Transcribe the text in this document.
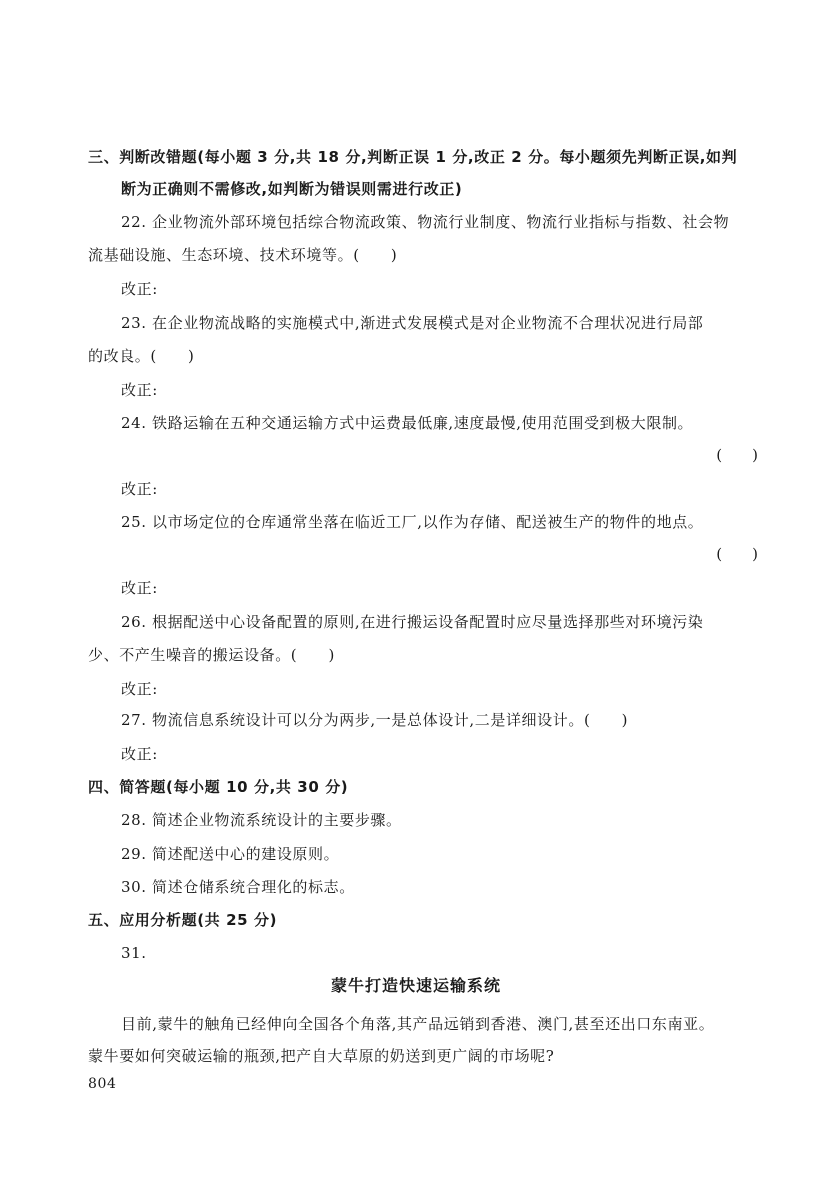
三、判断改错题(每小题 3 分,共 18 分,判断正误 1 分,改正 2 分。每小题须先判断正误,如判
断为正确则不需修改,如判断为错误则需进行改正)
22. 企业物流外部环境包括综合物流政策、物流行业制度、物流行业指标与指数、社会物
流基础设施、生态环境、技术环境等。(　　)
改正:
23. 在企业物流战略的实施模式中,渐进式发展模式是对企业物流不合理状况进行局部
的改良。(　　)
改正:
24. 铁路运输在五种交通运输方式中运费最低廉,速度最慢,使用范围受到极大限制。
(　　)
改正:
25. 以市场定位的仓库通常坐落在临近工厂,以作为存储、配送被生产的物件的地点。
(　　)
改正:
26. 根据配送中心设备配置的原则,在进行搬运设备配置时应尽量选择那些对环境污染
少、不产生噪音的搬运设备。(　　)
改正:
27. 物流信息系统设计可以分为两步,一是总体设计,二是详细设计。(　　)
改正:
四、简答题(每小题 10 分,共 30 分)
28. 简述企业物流系统设计的主要步骤。
29. 简述配送中心的建设原则。
30. 简述仓储系统合理化的标志。
五、应用分析题(共 25 分)
31.
蒙牛打造快速运输系统
目前,蒙牛的触角已经伸向全国各个角落,其产品远销到香港、澳门,甚至还出口东南亚。
蒙牛要如何突破运输的瓶颈,把产自大草原的奶送到更广阔的市场呢?
804
